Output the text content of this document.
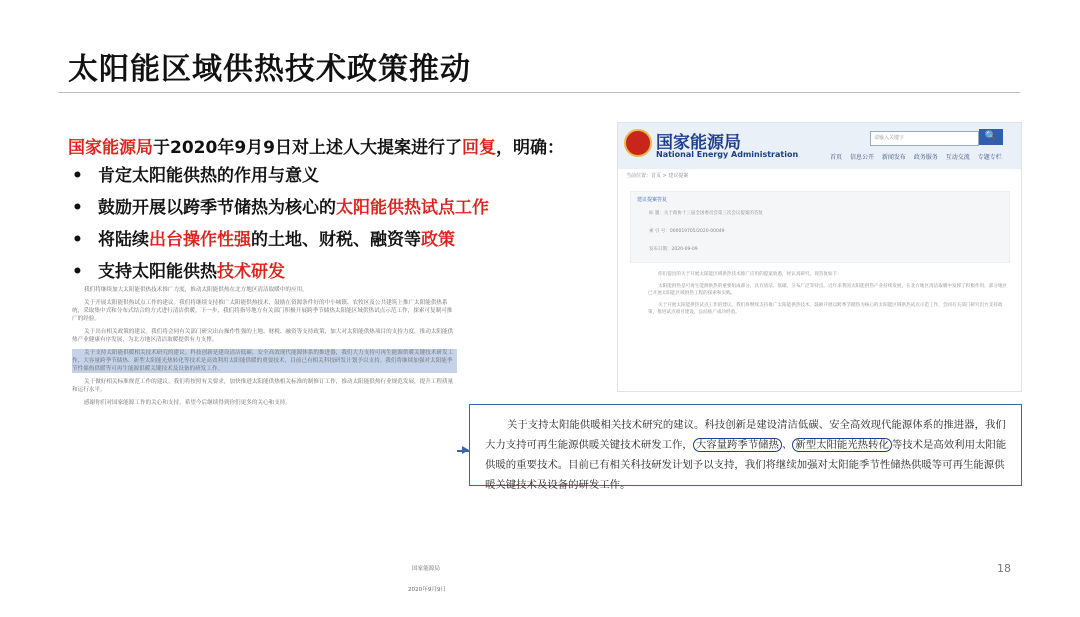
太阳能区域供热技术政策推动
国家能源局于2020年9月9日对上述人大提案进行了回复，明确：
• 肯定太阳能供热的作用与意义
• 鼓励开展以跨季节储热为核心的太阳能供热试点工作
• 将陆续出台操作性强的土地、财税、融资等政策
• 支持太阳能供热技术研发

我们将继续加大太阳能供热技术推广力度，推动太阳能供热在北方地区清洁取暖中的应用。

关于开展太阳能供热试点工作的建议。我们将继续支持推广太阳能供热技术，鼓励在资源条件好的中小城镇、农牧区及公共建筑上推广太阳能供热系统，采取集中式和分布式结合的方式进行清洁供暖。下一步，我们将指导地方有关部门积极开展跨季节储热太阳能区域供热试点示范工作，探索可复制可推广的经验。

关于出台相关政策的建议。我们将会同有关部门研究出台操作性强的土地、财税、融资等支持政策，加大对太阳能供热项目的支持力度，推动太阳能供热产业健康有序发展，为北方地区清洁取暖提供有力支撑。

关于支持太阳能供暖相关技术研究的建议。科技创新是建设清洁低碳、安全高效现代能源体系的推进器，我们大力支持可再生能源供暖关键技术研发工作，大容量跨季节储热、新型太阳能光热转化等技术是高效利用太阳能供暖的重要技术，目前已有相关科技研发计划予以支持。我们将继续加强对太阳能季节性储热供暖等可再生能源供暖关键技术及设备的研发工作。

关于做好相关标准规范工作的建议。我们将按照有关要求，加快推进太阳能供热相关标准的制修订工作，推动太阳能供热行业规范发展，提升工程质量和运行水平。

感谢你们对国家能源工作的关心和支持，希望今后继续得到你们更多的关心和支持。

国家能源局
2020年9月9日
国家能源局
National Energy Administration
请输入关键字	🔍
首页 信息公开 新闻发布 政务服务 互动交流 专题专栏
当前位置：首页 > 建议提案
建议提案答复
标 题：关于政协十三届全国委员会第三次会议提案的答复
索 引 号：000019705/2020-00049
发布日期：2020-09-09

你们提出的关于开展太阳能区域供热技术推广应用的提案收悉，经认真研究，现答复如下：

太阳能供热是可再生能源供热的重要组成部分，具有清洁、低碳、分布广泛等特点。近年来我国太阳能供热产业持续发展，在北方地区清洁取暖中发挥了积极作用，部分地区已开展太阳能区域供热工程的探索和实践。

关于开展太阳能供热试点工作的建议。我们将继续支持推广太阳能供热技术，鼓励开展以跨季节储热为核心的太阳能区域供热试点示范工作，会同有关部门研究出台支持政策，推进试点项目建设，总结推广成功经验。

关于支持太阳能供暖相关技术研究的建议。科技创新是建设清洁低碳、安全高效现代能源体系的推进器，我们大力支持可再生能源供暖关键技术研发工作， 大容量跨季节储热 、 新型太阳能光热转化 等技术是高效利用太阳能供暖的重要技术。目前已有相关科技研发计划予以支持，我们将继续加强对太阳能季节性储热供暖等可再生能源供暖关键技术及设备的研发工作。
18
